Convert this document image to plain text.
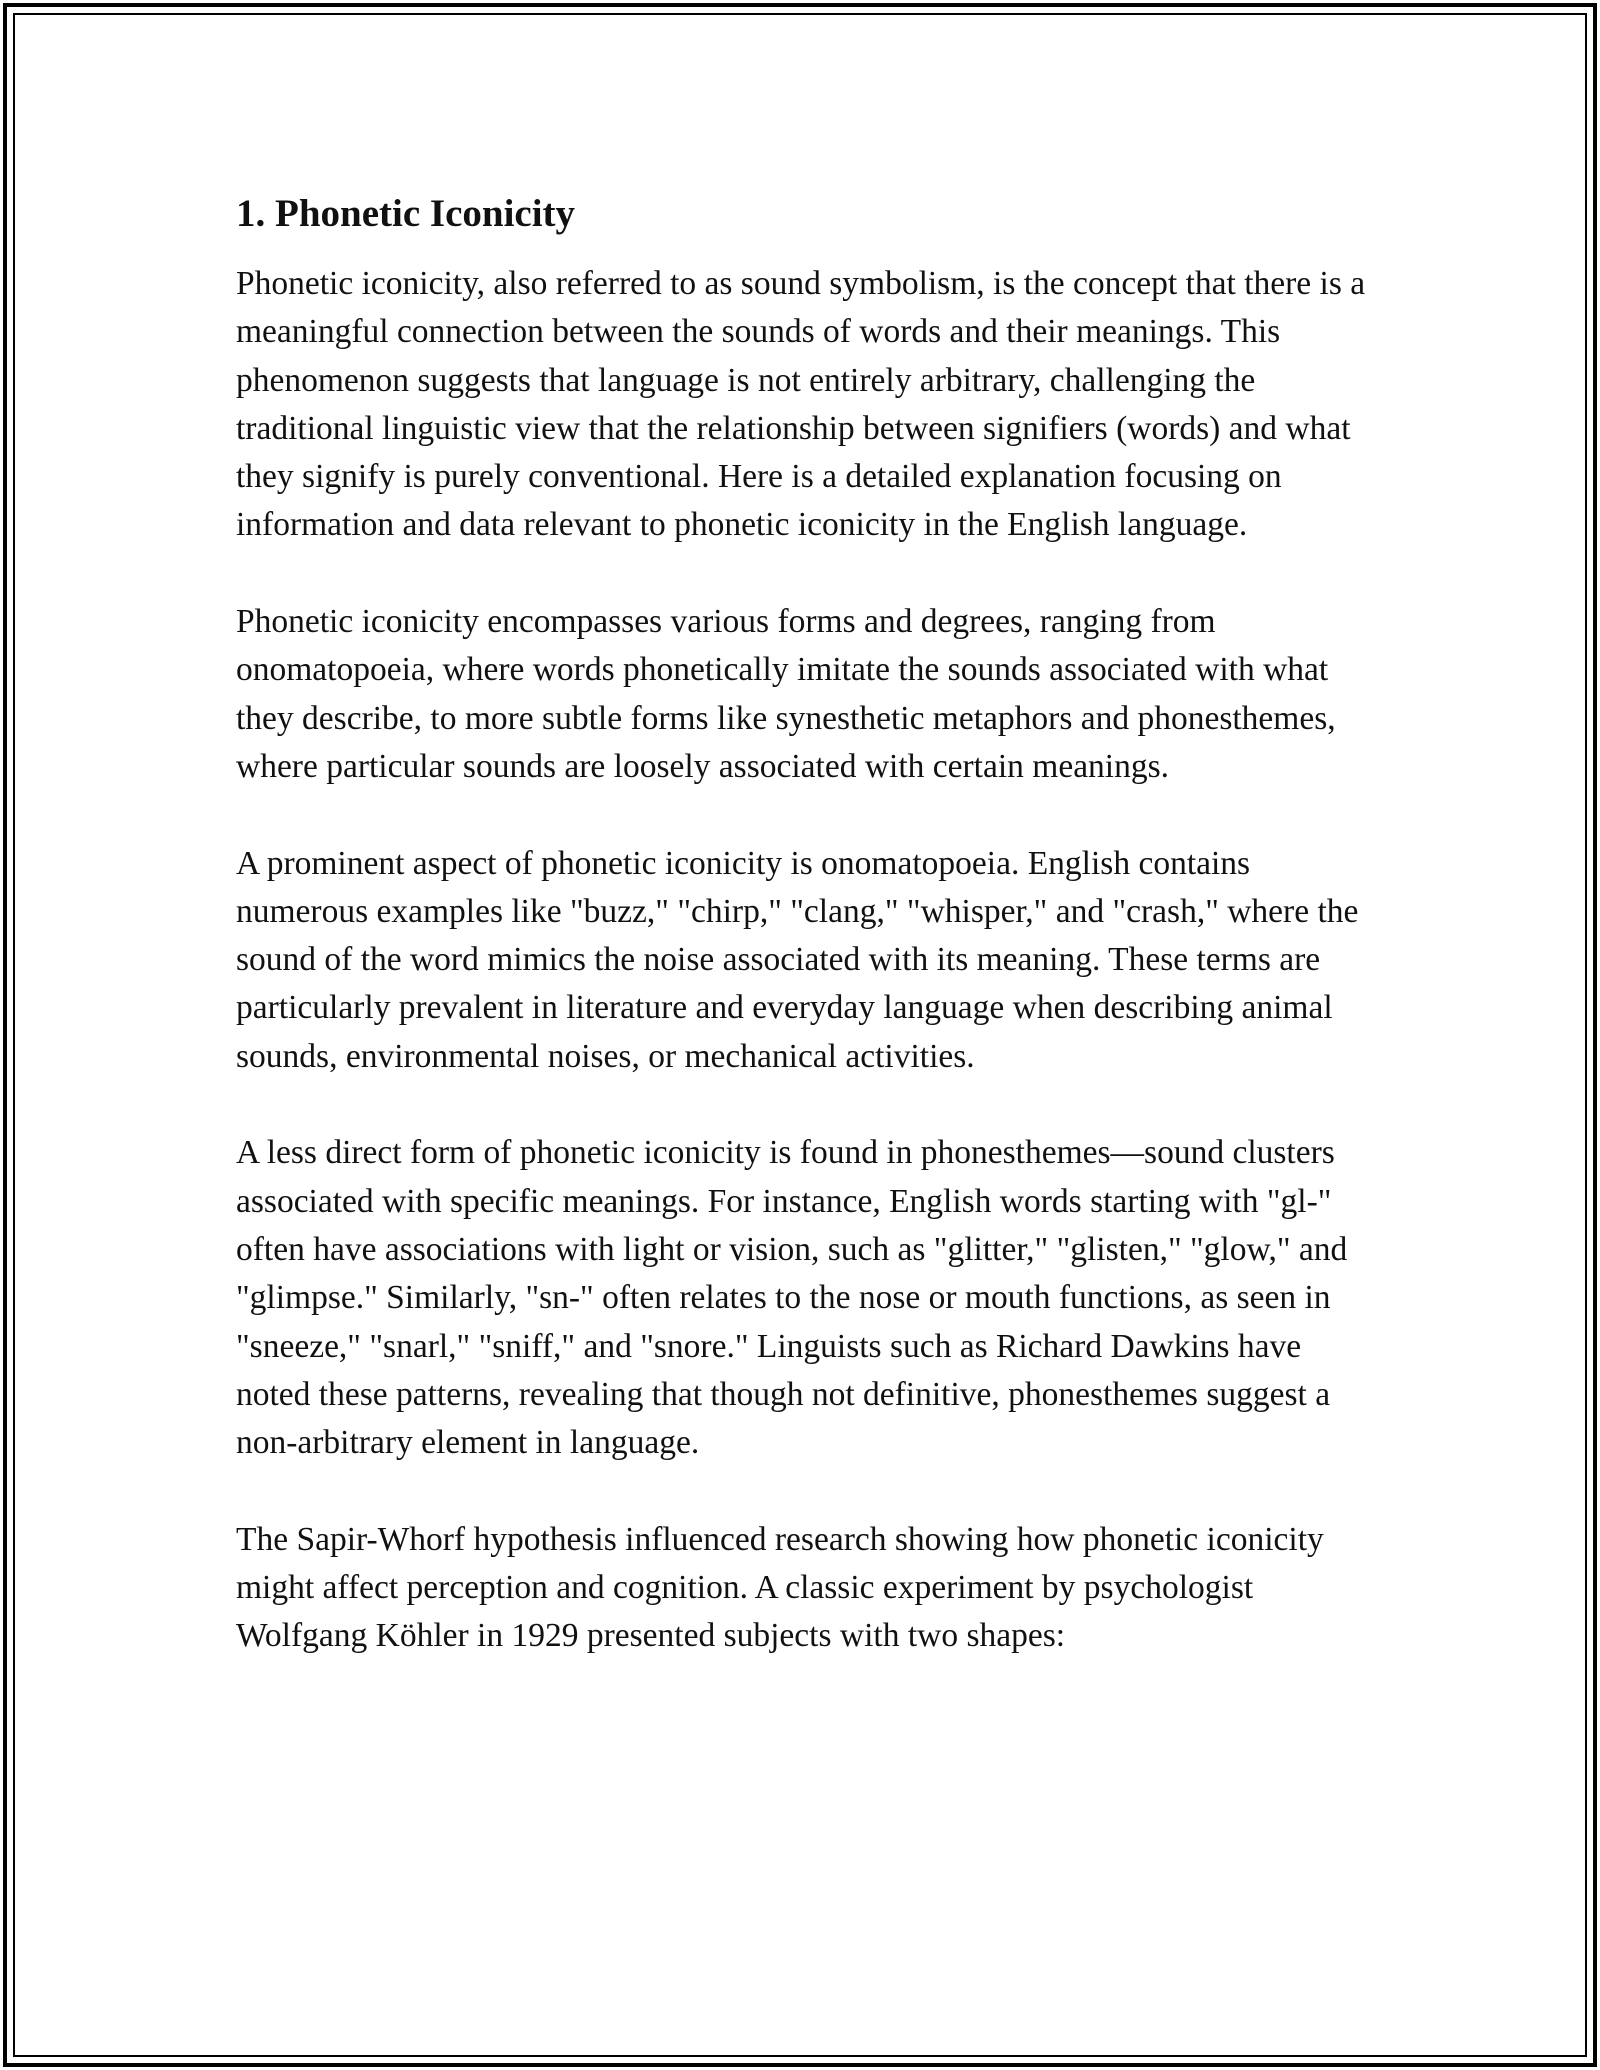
1. Phonetic Iconicity

Phonetic iconicity, also referred to as sound symbolism, is the concept that there is a meaningful connection between the sounds of words and their meanings. This phenomenon suggests that language is not entirely arbitrary, challenging the traditional linguistic view that the relationship between signifiers (words) and what they signify is purely conventional. Here is a detailed explanation focusing on information and data relevant to phonetic iconicity in the English language.

Phonetic iconicity encompasses various forms and degrees, ranging from onomatopoeia, where words phonetically imitate the sounds associated with what they describe, to more subtle forms like synesthetic metaphors and phonesthemes, where particular sounds are loosely associated with certain meanings.

A prominent aspect of phonetic iconicity is onomatopoeia. English contains numerous examples like "buzz," "chirp," "clang," "whisper," and "crash," where the sound of the word mimics the noise associated with its meaning. These terms are particularly prevalent in literature and everyday language when describing animal sounds, environmental noises, or mechanical activities.

A less direct form of phonetic iconicity is found in phonesthemes—sound clusters associated with specific meanings. For instance, English words starting with "gl-" often have associations with light or vision, such as "glitter," "glisten," "glow," and "glimpse." Similarly, "sn-" often relates to the nose or mouth functions, as seen in "sneeze," "snarl," "sniff," and "snore." Linguists such as Richard Dawkins have noted these patterns, revealing that though not definitive, phonesthemes suggest a non-arbitrary element in language.

The Sapir-Whorf hypothesis influenced research showing how phonetic iconicity might affect perception and cognition. A classic experiment by psychologist Wolfgang Köhler in 1929 presented subjects with two shapes:
